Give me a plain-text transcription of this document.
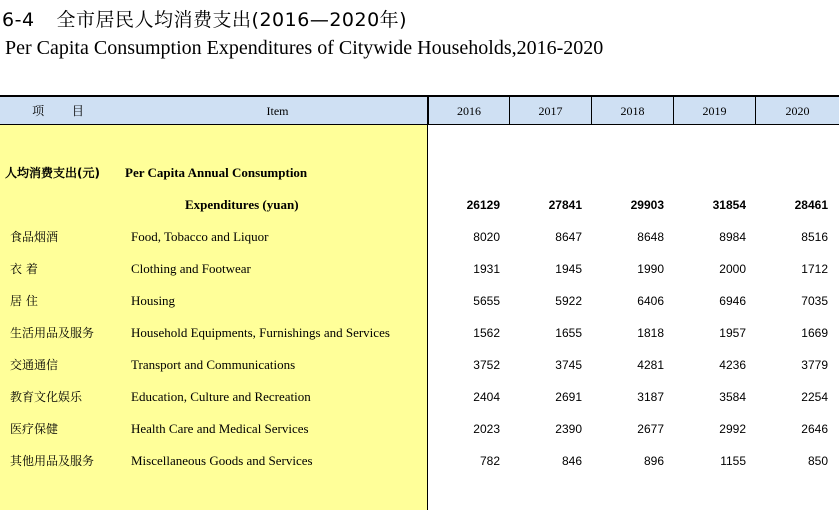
6-4 全市居民人均消费支出(2016—2020年)
Per Capita Consumption Expenditures of Citywide Households,2016-2020
项 目	Item	2016	2017	2018	2019	2020
人均消费支出(元) Per Capita Annual Consumption
Expenditures (yuan)	26129	27841	29903	31854	28461
食品烟酒	Food, Tobacco and Liquor	8020	8647	8648	8984	8516
衣 着	Clothing and Footwear	1931	1945	1990	2000	1712
居 住	Housing	5655	5922	6406	6946	7035
生活用品及服务	Household Equipments, Furnishings and Services	1562	1655	1818	1957	1669
交通通信	Transport and Communications	3752	3745	4281	4236	3779
教育文化娱乐	Education, Culture and Recreation	2404	2691	3187	3584	2254
医疗保健	Health Care and Medical Services	2023	2390	2677	2992	2646
其他用品及服务	Miscellaneous Goods and Services	782	846	896	1155	850
